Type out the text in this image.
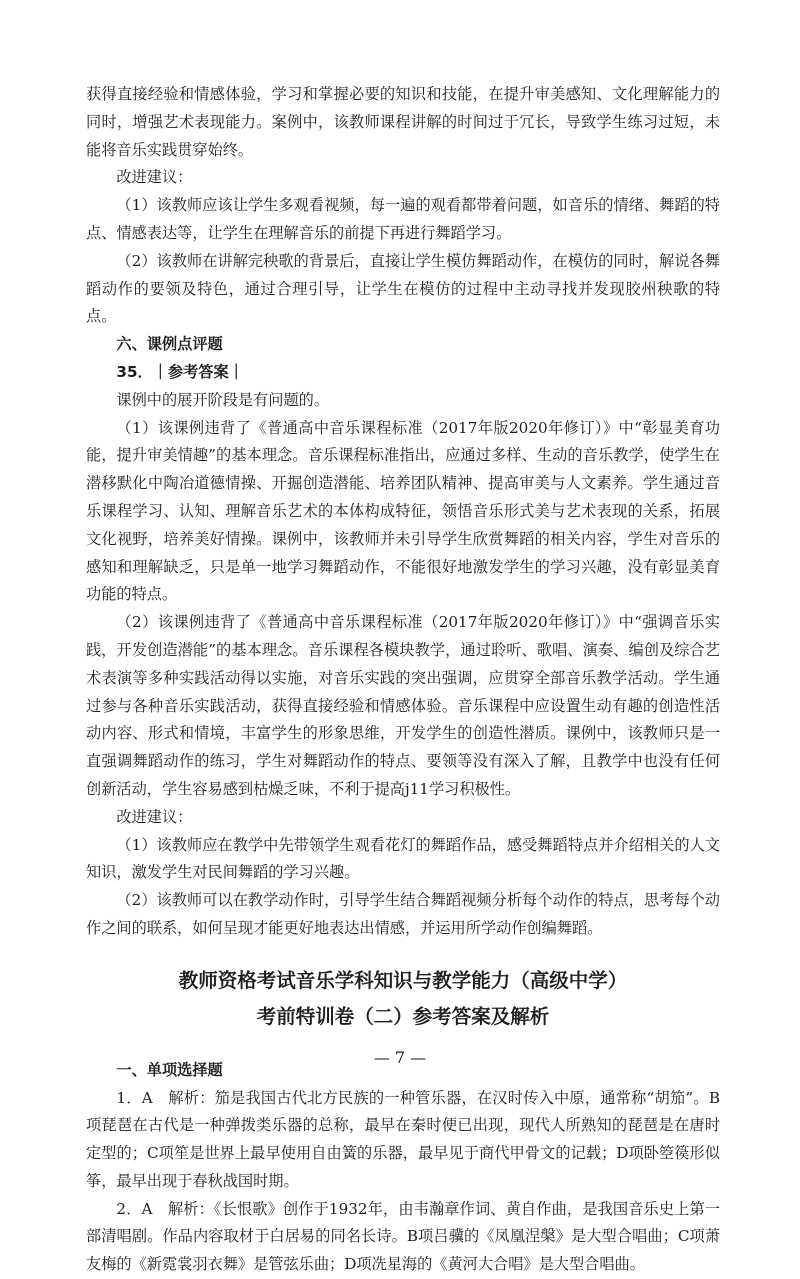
获得直接经验和情感体验，学习和掌握必要的知识和技能，在提升审美感知、文化理解能力的同时，增强艺术表现能力。案例中，该教师课程讲解的时间过于冗长，导致学生练习过短，未能将音乐实践贯穿始终。

改进建议：

（1）该教师应该让学生多观看视频，每一遍的观看都带着问题，如音乐的情绪、舞蹈的特点、情感表达等，让学生在理解音乐的前提下再进行舞蹈学习。

（2）该教师在讲解完秧歌的背景后，直接让学生模仿舞蹈动作，在模仿的同时，解说各舞蹈动作的要领及特色，通过合理引导，让学生在模仿的过程中主动寻找并发现胶州秧歌的特点。

六、课例点评题

35．｜参考答案｜

课例中的展开阶段是有问题的。

（1）该课例违背了《普通高中音乐课程标准（2017年版2020年修订）》中“彰显美育功能，提升审美情趣”的基本理念。音乐课程标准指出，应通过多样、生动的音乐教学，使学生在潜移默化中陶冶道德情操、开掘创造潜能、培养团队精神、提高审美与人文素养。学生通过音乐课程学习、认知、理解音乐艺术的本体构成特征，领悟音乐形式美与艺术表现的关系，拓展文化视野，培养美好情操。课例中，该教师并未引导学生欣赏舞蹈的相关内容，学生对音乐的感知和理解缺乏，只是单一地学习舞蹈动作，不能很好地激发学生的学习兴趣，没有彰显美育功能的特点。

（2）该课例违背了《普通高中音乐课程标准（2017年版2020年修订）》中“强调音乐实践，开发创造潜能”的基本理念。音乐课程各模块教学，通过聆听、歌唱、演奏、编创及综合艺术表演等多种实践活动得以实施，对音乐实践的突出强调，应贯穿全部音乐教学活动。学生通过参与各种音乐实践活动，获得直接经验和情感体验。音乐课程中应设置生动有趣的创造性活动内容、形式和情境，丰富学生的形象思维，开发学生的创造性潜质。课例中，该教师只是一直强调舞蹈动作的练习，学生对舞蹈动作的特点、要领等没有深入了解，且教学中也没有任何创新活动，学生容易感到枯燥乏味，不利于提高j11学习积极性。

改进建议：

（1）该教师应在教学中先带领学生观看花灯的舞蹈作品，感受舞蹈特点并介绍相关的人文知识，激发学生对民间舞蹈的学习兴趣。

（2）该教师可以在教学动作时，引导学生结合舞蹈视频分析每个动作的特点，思考每个动作之间的联系，如何呈现才能更好地表达出情感，并运用所学动作创编舞蹈。

教师资格考试音乐学科知识与教学能力（高级中学）
考前特训卷（二）参考答案及解析

一、单项选择题

1．A　解析：笳是我国古代北方民族的一种管乐器，在汉时传入中原，通常称“胡笳”。B项琵琶在古代是一种弹拨类乐器的总称，最早在秦时便已出现，现代人所熟知的琵琶是在唐时定型的；C项笙是世界上最早使用自由簧的乐器，最早见于商代甲骨文的记载；D项卧箜篌形似筝，最早出现于春秋战国时期。

2．A　解析：《长恨歌》创作于1932年，由韦瀚章作词、黄自作曲，是我国音乐史上第一部清唱剧。作品内容取材于白居易的同名长诗。B项吕骥的《凤凰涅槃》是大型合唱曲；C项萧友梅的《新霓裳羽衣舞》是管弦乐曲；D项冼星海的《黄河大合唱》是大型合唱曲。

— 7 —
